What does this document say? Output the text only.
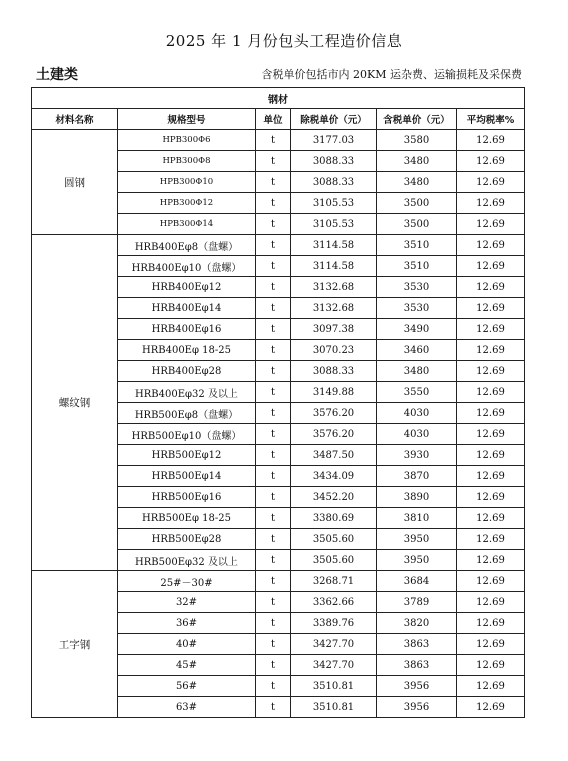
2025 年 1 月份包头工程造价信息
土建类	含税单价包括市内 20KM 运杂费、运输损耗及采保费
钢材					
材料名称	规格型号	单位	除税单价（元）	含税单价（元）	平均税率%
圆钢	HPB300Φ6	t	3177.03	3580	12.69
	HPB300Φ8	t	3088.33	3480	12.69
	HPB300Φ10	t	3088.33	3480	12.69
	HPB300Φ12	t	3105.53	3500	12.69
	HPB300Φ14	t	3105.53	3500	12.69
螺纹钢	HRB400Eφ8（盘螺）	t	3114.58	3510	12.69
	HRB400Eφ10（盘螺）	t	3114.58	3510	12.69
	HRB400Eφ12	t	3132.68	3530	12.69
	HRB400Eφ14	t	3132.68	3530	12.69
	HRB400Eφ16	t	3097.38	3490	12.69
	HRB400Eφ 18-25	t	3070.23	3460	12.69
	HRB400Eφ28	t	3088.33	3480	12.69
	HRB400Eφ32 及以上	t	3149.88	3550	12.69
	HRB500Eφ8（盘螺）	t	3576.20	4030	12.69
	HRB500Eφ10（盘螺）	t	3576.20	4030	12.69
	HRB500Eφ12	t	3487.50	3930	12.69
	HRB500Eφ14	t	3434.09	3870	12.69
	HRB500Eφ16	t	3452.20	3890	12.69
	HRB500Eφ 18-25	t	3380.69	3810	12.69
	HRB500Eφ28	t	3505.60	3950	12.69
	HRB500Eφ32 及以上	t	3505.60	3950	12.69
工字钢	25#－30#	t	3268.71	3684	12.69
	32#	t	3362.66	3789	12.69
	36#	t	3389.76	3820	12.69
	40#	t	3427.70	3863	12.69
	45#	t	3427.70	3863	12.69
	56#	t	3510.81	3956	12.69
	63#	t	3510.81	3956	12.69
